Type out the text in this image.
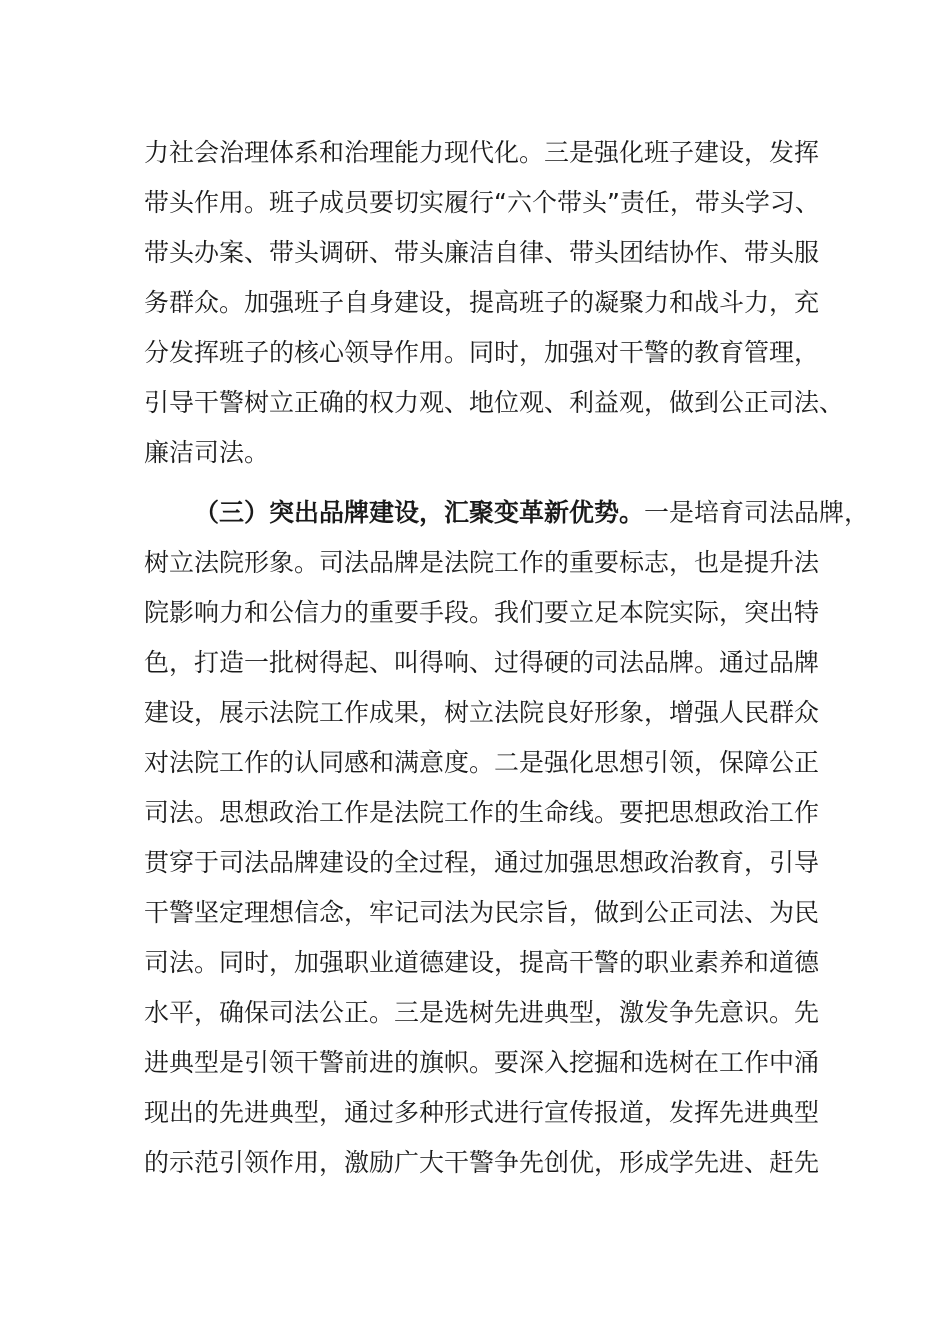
力社会治理体系和治理能力现代化。三是强化班子建设，发挥
带头作用。班子成员要切实履行“六个带头”责任，带头学习、
带头办案、带头调研、带头廉洁自律、带头团结协作、带头服
务群众。加强班子自身建设，提高班子的凝聚力和战斗力，充
分发挥班子的核心领导作用。同时，加强对干警的教育管理，
引导干警树立正确的权力观、地位观、利益观，做到公正司法、
廉洁司法。
（三）突出品牌建设，汇聚变革新优势。一是培育司法品牌，
树立法院形象。司法品牌是法院工作的重要标志，也是提升法
院影响力和公信力的重要手段。我们要立足本院实际，突出特
色，打造一批树得起、叫得响、过得硬的司法品牌。通过品牌
建设，展示法院工作成果，树立法院良好形象，增强人民群众
对法院工作的认同感和满意度。二是强化思想引领，保障公正
司法。思想政治工作是法院工作的生命线。要把思想政治工作
贯穿于司法品牌建设的全过程，通过加强思想政治教育，引导
干警坚定理想信念，牢记司法为民宗旨，做到公正司法、为民
司法。同时，加强职业道德建设，提高干警的职业素养和道德
水平，确保司法公正。三是选树先进典型，激发争先意识。先
进典型是引领干警前进的旗帜。要深入挖掘和选树在工作中涌
现出的先进典型，通过多种形式进行宣传报道，发挥先进典型
的示范引领作用，激励广大干警争先创优，形成学先进、赶先
